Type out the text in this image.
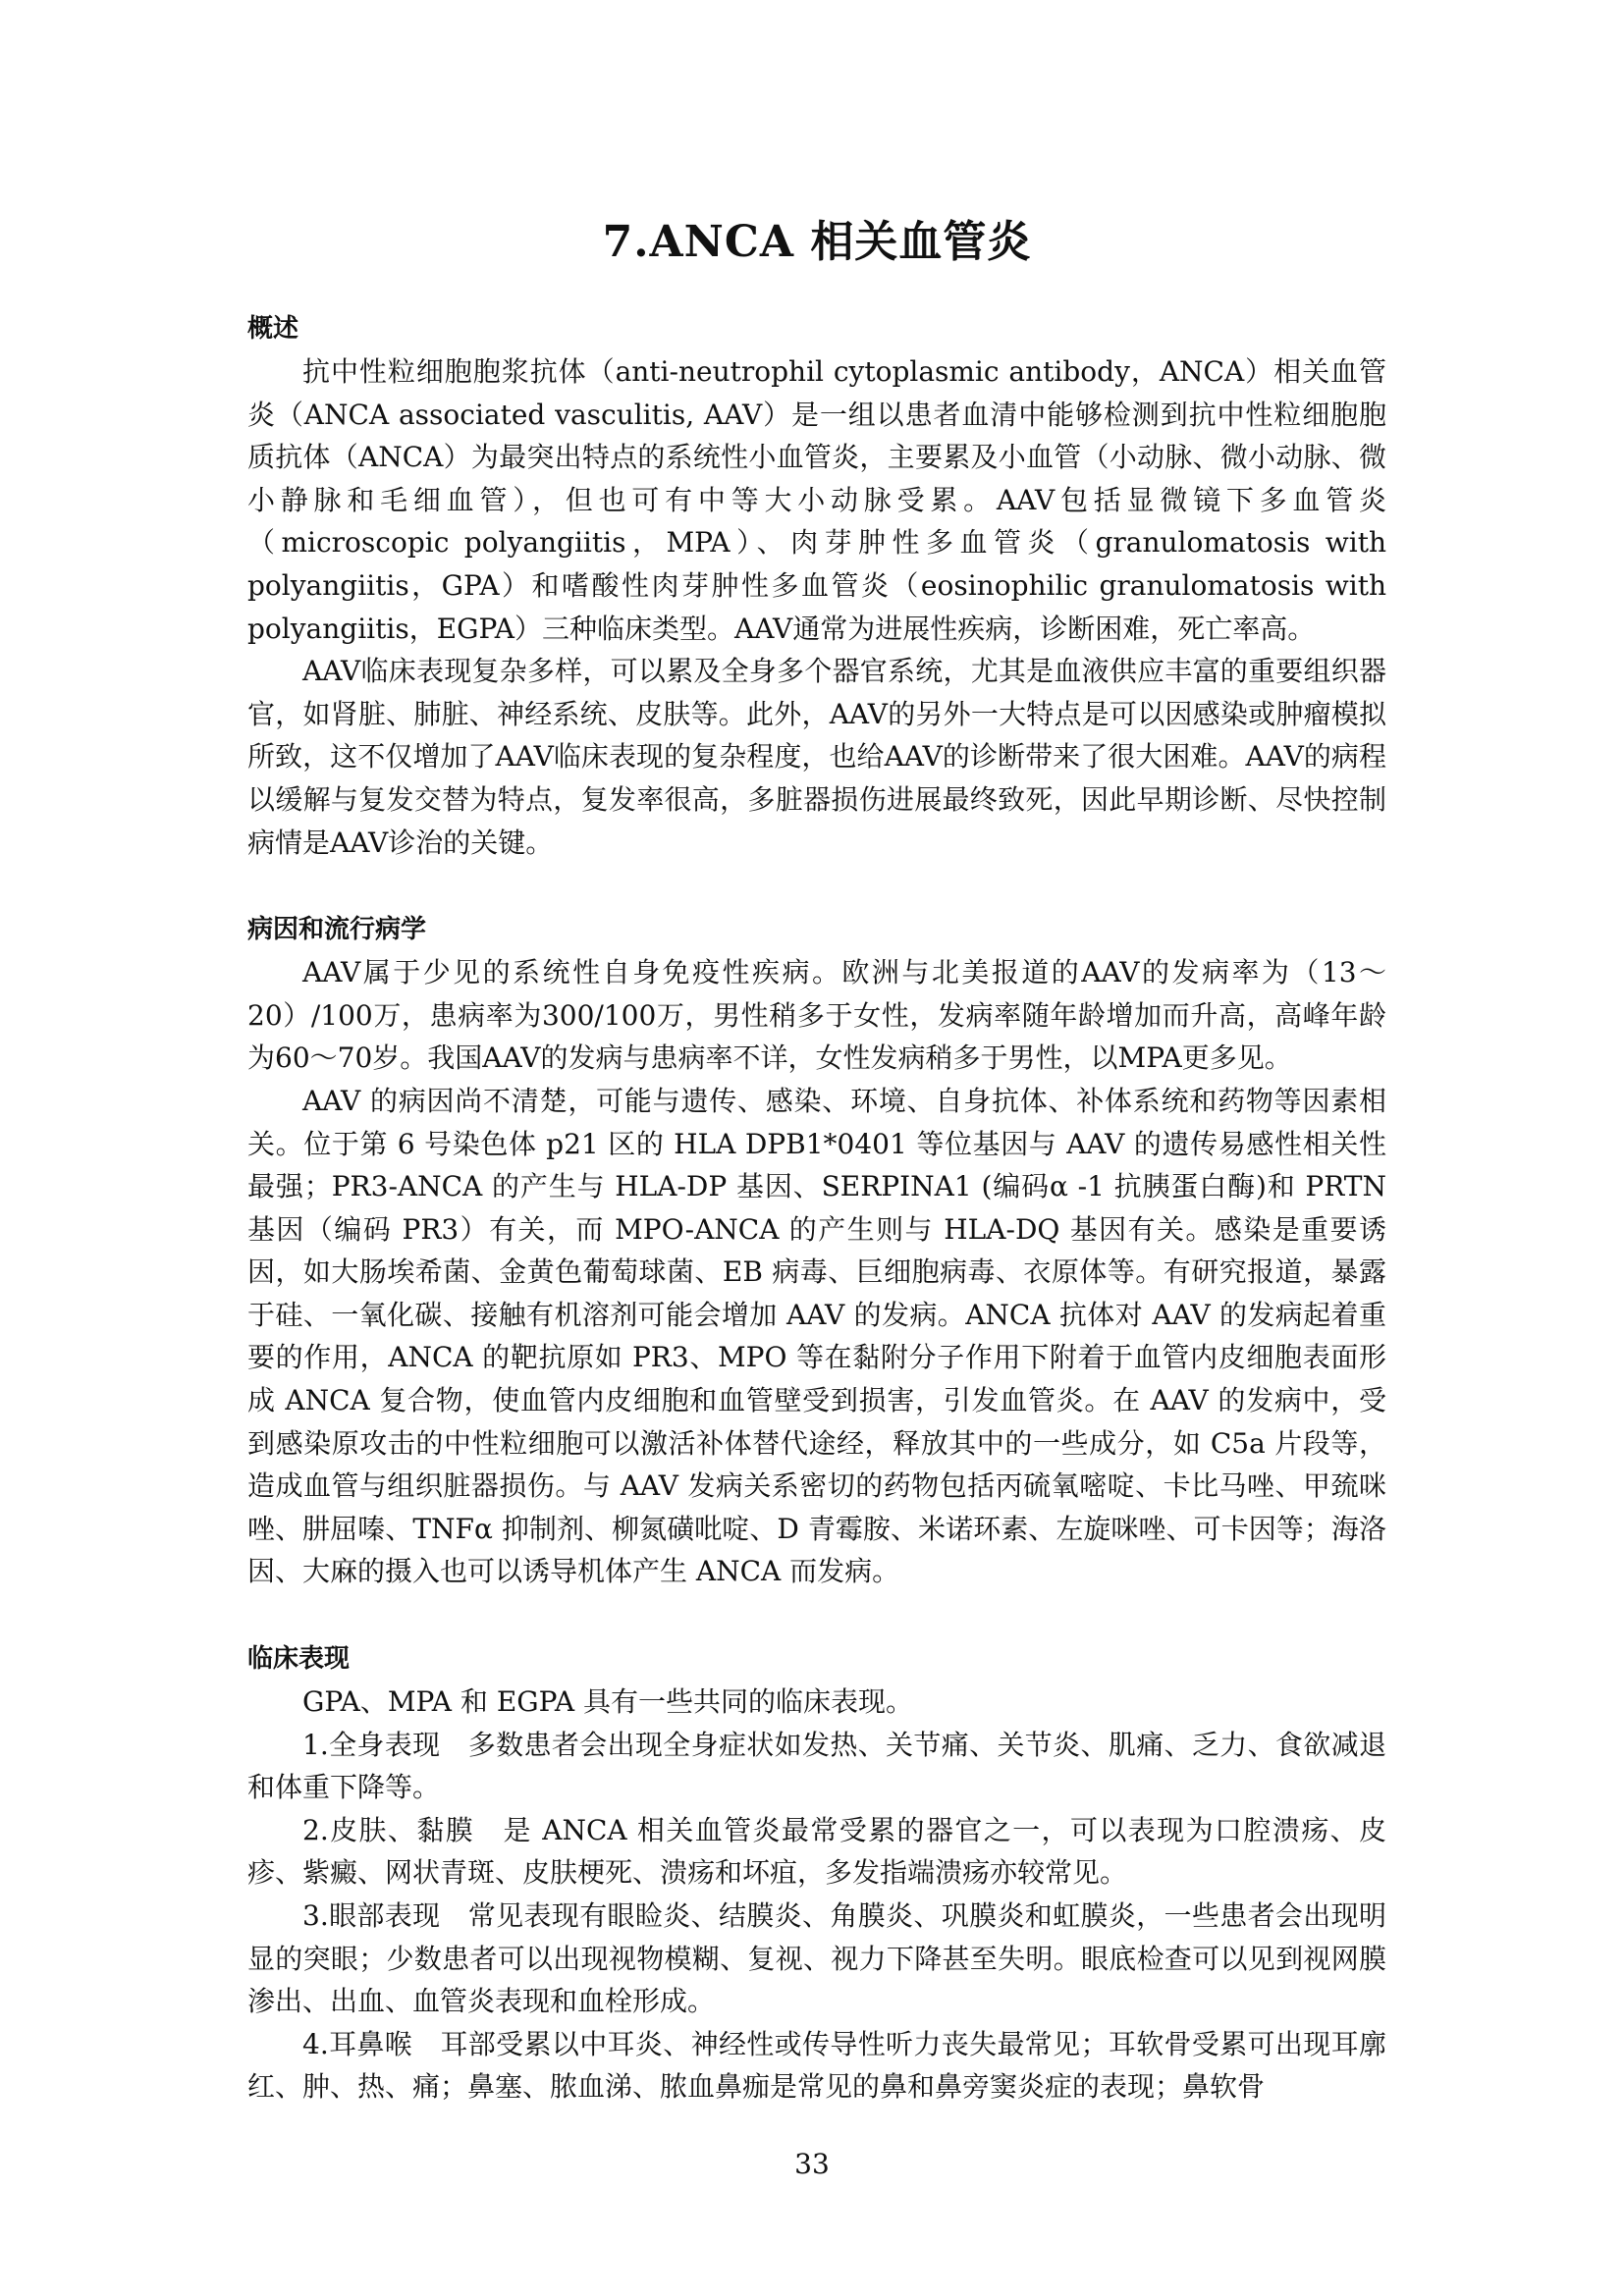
7.ANCA 相关血管炎
概述

抗中性粒细胞胞浆抗体（anti-neutrophil cytoplasmic antibody，ANCA）相关血管炎（ANCA associated vasculitis, AAV）是一组以患者血清中能够检测到抗中性粒细胞胞质抗体（ANCA）为最突出特点的系统性小血管炎，主要累及小血管（小动脉、微小动脉、微小静脉和毛细血管），但也可有中等大小动脉受累。AAV包括显微镜下多血管炎（microscopic polyangiitis，MPA）、肉芽肿性多血管炎（granulomatosis with polyangiitis，GPA）和嗜酸性肉芽肿性多血管炎（eosinophilic granulomatosis with polyangiitis，EGPA）三种临床类型。AAV通常为进展性疾病，诊断困难，死亡率高。

AAV临床表现复杂多样，可以累及全身多个器官系统，尤其是血液供应丰富的重要组织器官，如肾脏、肺脏、神经系统、皮肤等。此外，AAV的另外一大特点是可以因感染或肿瘤模拟所致，这不仅增加了AAV临床表现的复杂程度，也给AAV的诊断带来了很大困难。AAV的病程以缓解与复发交替为特点，复发率很高，多脏器损伤进展最终致死，因此早期诊断、尽快控制病情是AAV诊治的关键。

病因和流行病学

AAV属于少见的系统性自身免疫性疾病。欧洲与北美报道的AAV的发病率为（13～20）/100万，患病率为300/100万，男性稍多于女性，发病率随年龄增加而升高，高峰年龄为60～70岁。我国AAV的发病与患病率不详，女性发病稍多于男性，以MPA更多见。

AAV 的病因尚不清楚，可能与遗传、感染、环境、自身抗体、补体系统和药物等因素相关。位于第 6 号染色体 p21 区的 HLA DPB1*0401 等位基因与 AAV 的遗传易感性相关性最强；PR3-ANCA 的产生与 HLA-DP 基因、SERPINA1 (编码α -1 抗胰蛋白酶)和 PRTN 基因（编码 PR3）有关，而 MPO-ANCA 的产生则与 HLA-DQ 基因有关。感染是重要诱因，如大肠埃希菌、金黄色葡萄球菌、EB 病毒、巨细胞病毒、衣原体等。有研究报道，暴露于硅、一氧化碳、接触有机溶剂可能会增加 AAV 的发病。ANCA 抗体对 AAV 的发病起着重要的作用，ANCA 的靶抗原如 PR3、MPO 等在黏附分子作用下附着于血管内皮细胞表面形成 ANCA 复合物，使血管内皮细胞和血管壁受到损害，引发血管炎。在 AAV 的发病中，受到感染原攻击的中性粒细胞可以激活补体替代途经，释放其中的一些成分，如 C5a 片段等，造成血管与组织脏器损伤。与 AAV 发病关系密切的药物包括丙硫氧嘧啶、卡比马唑、甲巯咪唑、肼屈嗪、TNFα 抑制剂、柳氮磺吡啶、D 青霉胺、米诺环素、左旋咪唑、可卡因等；海洛因、大麻的摄入也可以诱导机体产生 ANCA 而发病。

临床表现

GPA、MPA 和 EGPA 具有一些共同的临床表现。

1.全身表现　多数患者会出现全身症状如发热、关节痛、关节炎、肌痛、乏力、食欲减退和体重下降等。

2.皮肤、黏膜　是 ANCA 相关血管炎最常受累的器官之一，可以表现为口腔溃疡、皮疹、紫癜、网状青斑、皮肤梗死、溃疡和坏疽，多发指端溃疡亦较常见。

3.眼部表现　常见表现有眼睑炎、结膜炎、角膜炎、巩膜炎和虹膜炎，一些患者会出现明显的突眼；少数患者可以出现视物模糊、复视、视力下降甚至失明。眼底检查可以见到视网膜渗出、出血、血管炎表现和血栓形成。

4.耳鼻喉　耳部受累以中耳炎、神经性或传导性听力丧失最常见；耳软骨受累可出现耳廓红、肿、热、痛；鼻塞、脓血涕、脓血鼻痂是常见的鼻和鼻旁窦炎症的表现；鼻软骨

33
